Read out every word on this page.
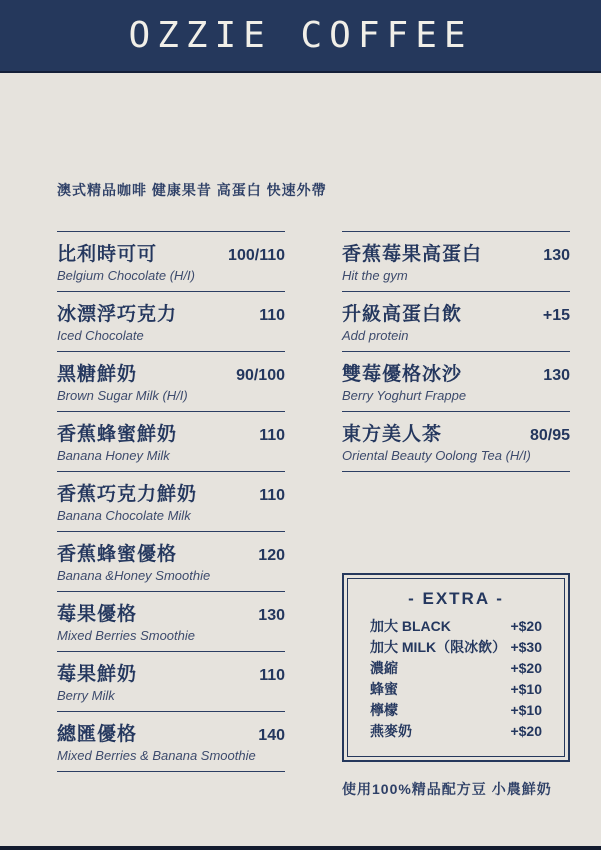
OZZIE COFFEE
澳式精品咖啡 健康果昔 高蛋白 快速外帶
比利時可可	100/110
Belgium Chocolate (H/I)
冰漂浮巧克力	110
Iced Chocolate
黑糖鮮奶	90/100
Brown Sugar Milk (H/I)
香蕉蜂蜜鮮奶	110
Banana Honey Milk
香蕉巧克力鮮奶	110
Banana Chocolate Milk
香蕉蜂蜜優格	120
Banana &Honey Smoothie
莓果優格	130
Mixed Berries Smoothie
莓果鮮奶	110
Berry Milk
總匯優格	140
Mixed Berries & Banana Smoothie
香蕉莓果高蛋白	130
Hit the gym
升級高蛋白飲	+15
Add protein
雙莓優格冰沙	130
Berry Yoghurt Frappe
東方美人茶	80/95
Oriental Beauty Oolong Tea (H/I)
- EXTRA -
加大 BLACK	+$20
加大 MILK（限冰飲） +$30
濃縮	+$20
蜂蜜	+$10
檸檬	+$10
燕麥奶	+$20
使用100%精品配方豆 小農鮮奶
